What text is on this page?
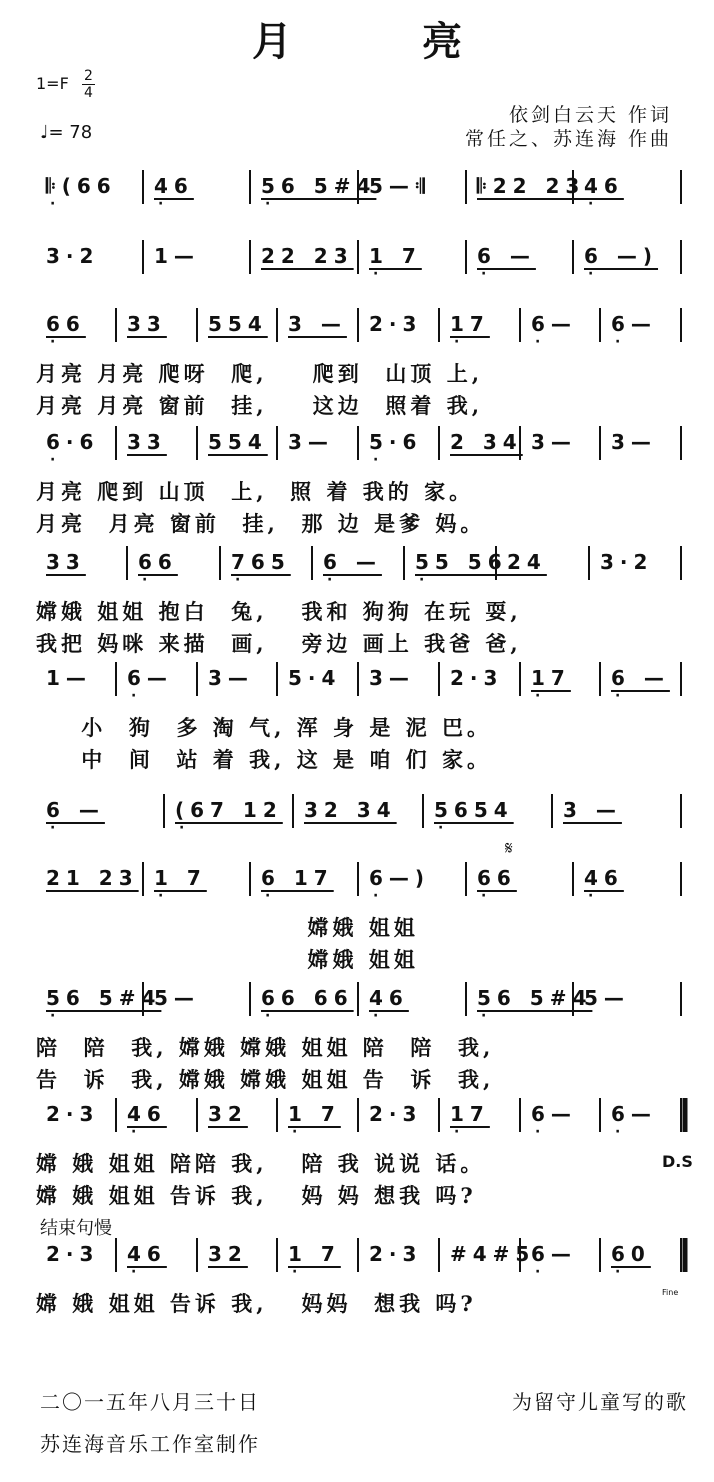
月 亮
1=F 2
4
♩= 78
依剑白云天 作词
常任之、苏连海 作曲
𝄆(66
·
46
·
56 5#4
·
5—𝄇 𝄆22 23
46
·
3·2	1—	22 23 1 7
·
6 —
·
6 —)
·
66
·
33 554 3 — 2·3 17
·
6—
·
6—
·
月亮 月亮 爬呀  爬,    爬到  山顶 上,
月亮 月亮 窗前  挂,    这边  照着 我,
6·6
·
33 554 3— 5·6
·
2 34 3— 3—
月亮 爬到 山顶  上,  照 着 我的 家。
月亮  月亮 窗前  挂,  那 边 是爹 妈。
33	66
·
765
·
6 —
·
55 56
·
24	3·2
嫦娥 姐姐 抱白  兔,   我和 狗狗 在玩 耍,
我把 妈咪 来描  画,   旁边 画上 我爸 爸,
1— 6—
·
3— 5·4 3— 2·3 17
·
6 —
·
小  狗  多 淘 气, 浑 身 是 泥 巴。
中  间  站 着 我, 这 是 咱 们 家。
6 —
·
(67 12
·
32 34 5654
·
3 —
21 23 1 7
·
6 17
·
6—)
·
66
·
46
·
嫦娥 姐姐
嫦娥 姐姐
56 5#4
·
5—	66 66
·
46
·
56 5#4
·
5—
陪  陪  我, 嫦娥 嫦娥 姐姐 陪  陪  我,
告  诉  我, 嫦娥 嫦娥 姐姐 告  诉  我,
2·3 46
·
32 1 7
·
2·3 17
·
6—
·
6—
·
嫦 娥 姐姐 陪陪 我,   陪 我 说说 话。
嫦 娥 姐姐 告诉 我,   妈 妈 想我 吗?
2·3 46
·
32 1 7
·
2·3 #4#5
6—
·
60
·
嫦 娥 姐姐 告诉 我,   妈妈  想我 吗?
𝄋
D.S
Fine
结束句慢
二〇一五年八月三十日	为留守儿童写的歌
苏连海音乐工作室制作
